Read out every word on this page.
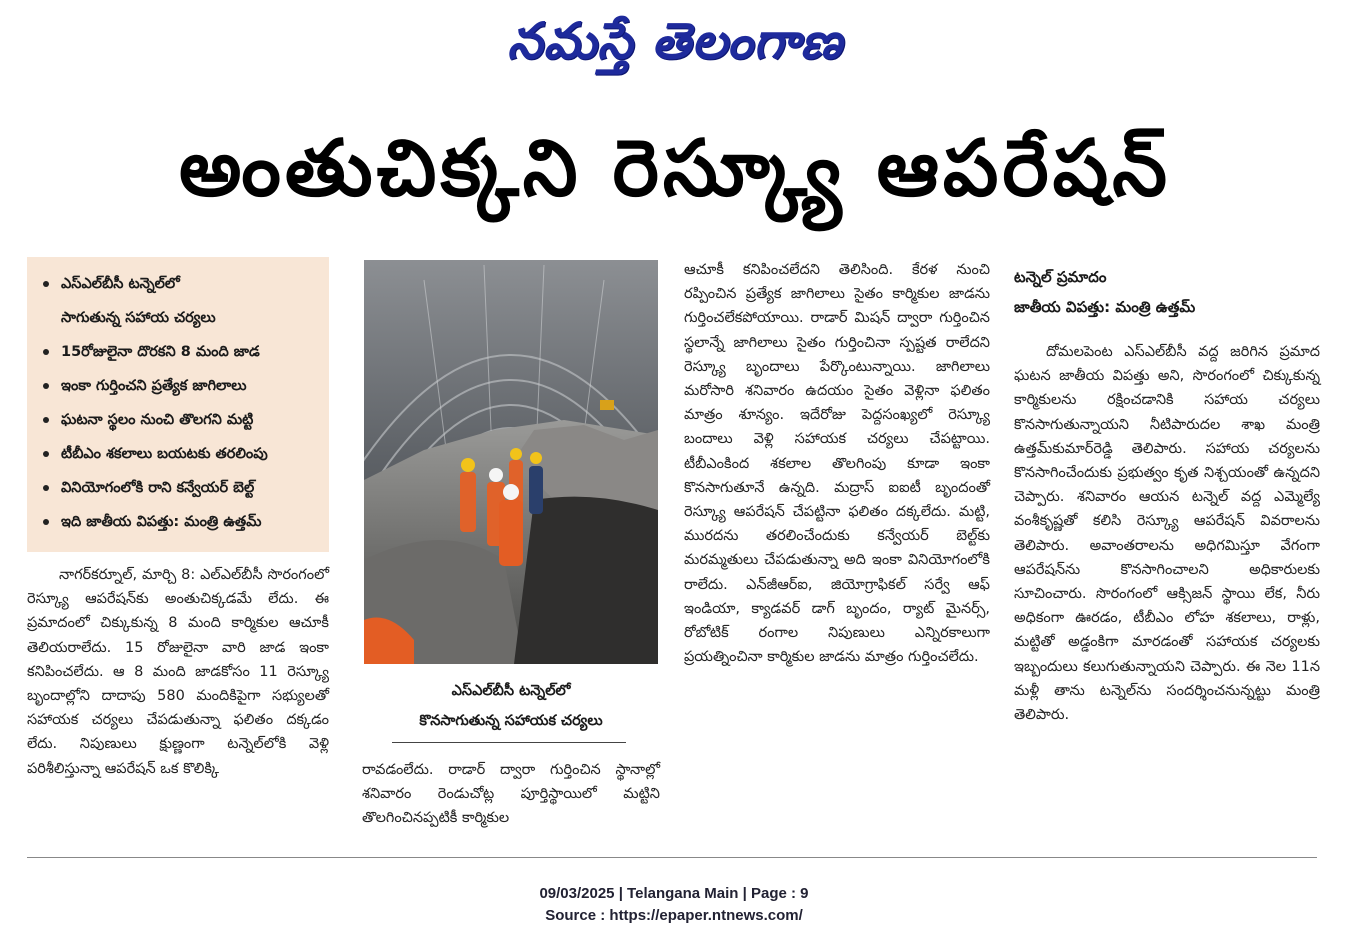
నమస్తే తెలంగాణ
అంతుచిక్కని రెస్క్యూ ఆపరేషన్
ఎస్‌ఎల్‌బీసీ టన్నెల్‌లో
సాగుతున్న సహాయ చర్యలు
15రోజులైనా దొరకని 8 మంది జాడ
ఇంకా గుర్తించని ప్రత్యేక జాగిలాలు
ఘటనా స్థలం నుంచి తొలగని మట్టి
టీబీఎం శకలాలు బయటకు తరలింపు
వినియోగంలోకి రాని కన్వేయర్ బెల్ట్
ఇది జాతీయ విపత్తు: మంత్రి ఉత్తమ్

నాగర్‌కర్నూల్, మార్చి 8: ఎల్‌ఎల్‌బీసీ సొరంగంలో రెస్క్యూ ఆపరేషన్‌కు అంతుచిక్కడమే లేదు. ఈ ప్రమాదంలో చిక్కుకున్న 8 మంది కార్మికుల ఆచూకీ తెలియరాలేదు. 15 రోజులైనా వారి జాడ ఇంకా కనిపించలేదు. ఆ 8 మంది జాడకోసం 11 రెస్క్యూ బృందాల్లోని దాదాపు 580 మందికిపైగా సభ్యులతో సహాయక చర్యలు చేపడుతున్నా ఫలితం దక్కడం లేదు. నిపుణులు క్షుణ్ణంగా టన్నెల్‌లోకి వెళ్లి పరిశీలిస్తున్నా ఆపరేషన్ ఒక కొలిక్కి

ఎస్‌ఎల్‌బీసీ టన్నెల్‌లో
కొనసాగుతున్న సహాయక చర్యలు

రావడంలేదు. రాడార్ ద్వారా గుర్తించిన స్థానాల్లో శనివారం రెండుచోట్ల పూర్తిస్థాయిలో మట్టిని తొలగించినప్పటికీ కార్మికుల

ఆచూకీ కనిపించలేదని తెలిసింది. కేరళ నుంచి రప్పించిన ప్రత్యేక జాగిలాలు సైతం కార్మికుల జాడను గుర్తించలేకపోయాయి. రాడార్ మిషన్ ద్వారా గుర్తించిన స్థలాన్నే జాగిలాలు సైతం గుర్తించినా స్పష్టత రాలేదని రెస్క్యూ బృందాలు పేర్కొంటున్నాయి. జాగిలాలు మరోసారి శనివారం ఉదయం సైతం వెళ్లినా ఫలితం మాత్రం శూన్యం. ఇదేరోజు పెద్దసంఖ్యలో రెస్క్యూ బందాలు వెళ్లి సహాయక చర్యలు చేపట్టాయి. టీబీఎంకింద శకలాల తొలగింపు కూడా ఇంకా కొనసాగుతూనే ఉన్నది. మద్రాస్ ఐఐటీ బృందంతో రెస్క్యూ ఆపరేషన్ చేపట్టినా ఫలితం దక్కలేదు. మట్టి, మురదను తరలించేందుకు కన్వేయర్ బెల్ట్‌కు మరమ్మతులు చేపడుతున్నా అది ఇంకా వినియోగంలోకి రాలేదు. ఎన్‌జీఆర్ఐ, జియోగ్రాఫికల్ సర్వే ఆఫ్ ఇండియా, క్యాడవర్ డాగ్ బృందం, ర్యాట్ మైనర్స్, రోబోటిక్ రంగాల నిపుణులు ఎన్నిరకాలుగా ప్రయత్నించినా కార్మికుల జాడను మాత్రం గుర్తించలేదు.

టన్నెల్ ప్రమాదం
జాతీయ విపత్తు: మంత్రి ఉత్తమ్

దోమలపెంట ఎస్‌ఎల్‌బీసీ వద్ద జరిగిన ప్రమాద ఘటన జాతీయ విపత్తు అని, సొరంగంలో చిక్కుకున్న కార్మికులను రక్షించడానికి సహాయ చర్యలు కొనసాగుతున్నాయని నీటిపారుదల శాఖ మంత్రి ఉత్తమ్‌కుమార్‌రెడ్డి తెలిపారు. సహాయ చర్యలను కొనసాగించేందుకు ప్రభుత్వం కృత నిశ్చయంతో ఉన్నదని చెప్పారు. శనివారం ఆయన టన్నెల్ వద్ద ఎమ్మెల్యే వంశీకృష్ణతో కలిసి రెస్క్యూ ఆపరేషన్ వివరాలను తెలిపారు. అవాంతరాలను అధిగమిస్తూ వేగంగా ఆపరేషన్‌ను కొనసాగించాలని అధికారులకు సూచించారు. సొరంగంలో ఆక్సిజన్ స్థాయి లేక, నీరు అధికంగా ఊరడం, టీబీఎం లోహ శకలాలు, రాళ్లు, మట్టితో అడ్డంకిగా మారడంతో సహాయక చర్యలకు ఇబ్బందులు కలుగుతున్నాయని చెప్పారు. ఈ నెల 11న మళ్లీ తాను టన్నెల్‌ను సందర్శించనున్నట్టు మంత్రి తెలిపారు.

09/03/2025 | Telangana Main | Page : 9
Source : https://epaper.ntnews.com/
